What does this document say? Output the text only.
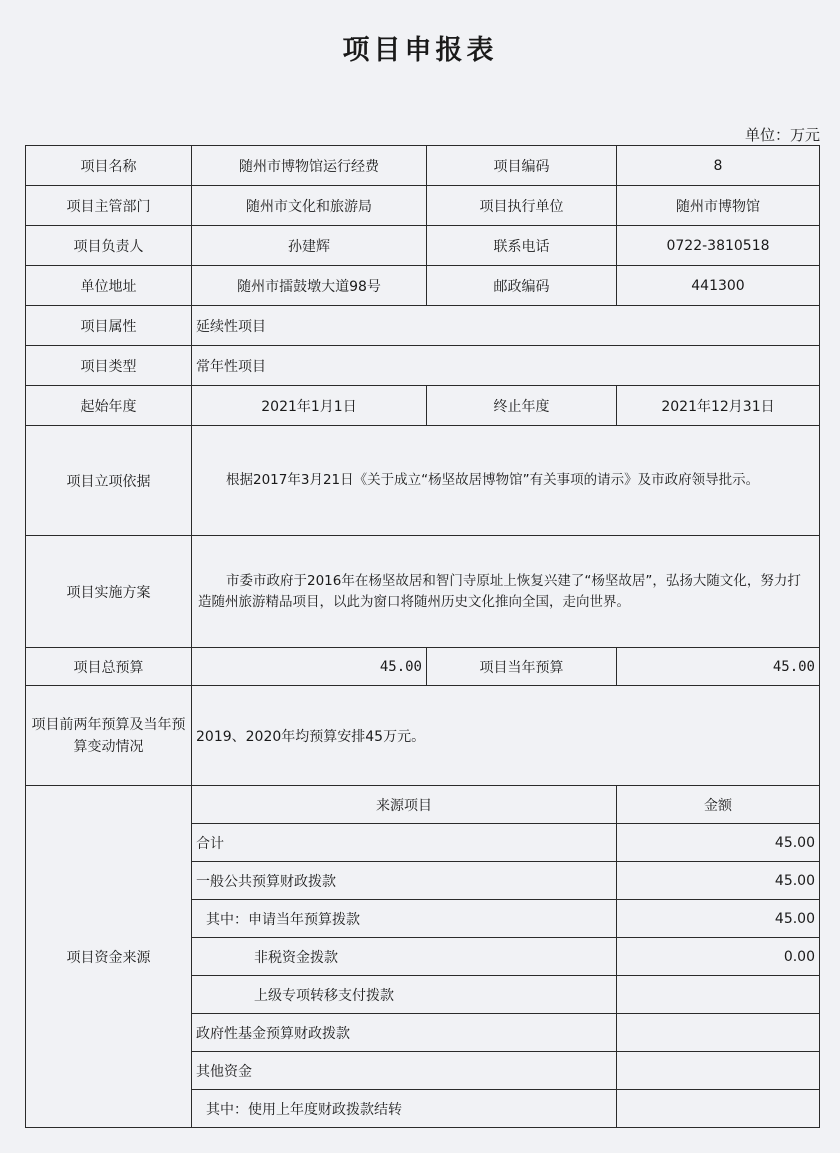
项目申报表
单位：万元
项目名称	随州市博物馆运行经费	项目编码	8
项目主管部门	随州市文化和旅游局	项目执行单位	随州市博物馆
项目负责人	孙建辉	联系电话	0722-3810518
单位地址	随州市擂鼓墩大道98号	邮政编码	441300
项目属性	延续性项目		
项目类型	常年性项目		
起始年度	2021年1月1日	终止年度	2021年12月31日
项目立项依据	根据2017年3月21日《关于成立“杨坚故居博物馆”有关事项的请示》及市政府领导批示。		
项目实施方案	市委市政府于2016年在杨坚故居和智门寺原址上恢复兴建了“杨坚故居”，弘扬大随文化，努力打造随州旅游精品项目，以此为窗口将随州历史文化推向全国，走向世界。		
项目总预算	45.00	项目当年预算	45.00
项目前两年预算及当年预算变动情况	2019、2020年均预算安排45万元。		
项目资金来源	来源项目		金额
	合计		45.00
	一般公共预算财政拨款		45.00
	其中：申请当年预算拨款		45.00
	非税资金拨款		0.00
	上级专项转移支付拨款		
	政府性基金预算财政拨款		
	其他资金		
	其中：使用上年度财政拨款结转		
